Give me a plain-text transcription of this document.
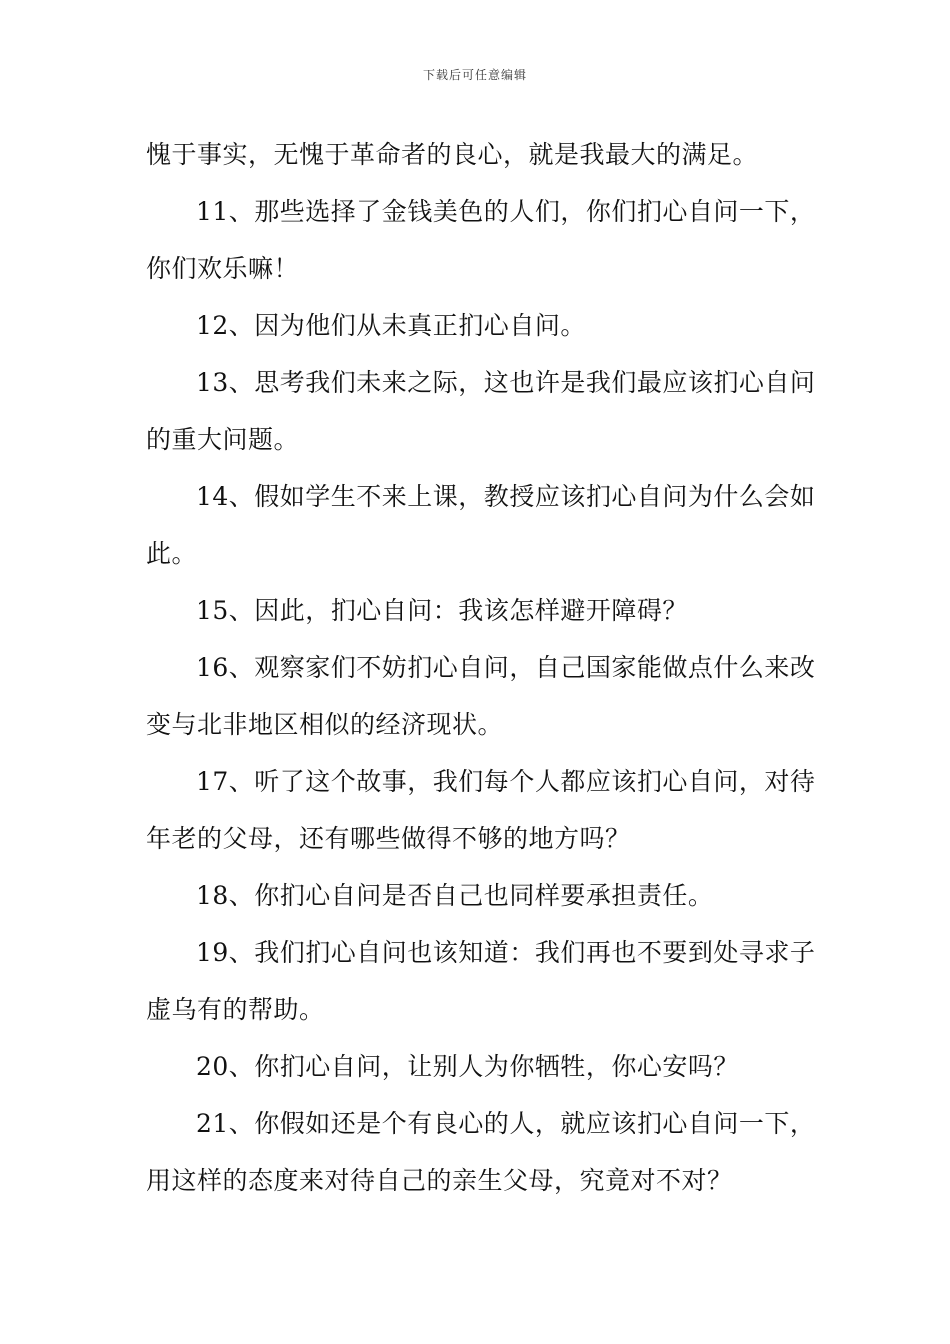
下载后可任意编辑

愧于事实，无愧于革命者的良心，就是我最大的满足。

11、那些选择了金钱美色的人们，你们扪心自问一下，你们欢乐嘛！

12、因为他们从未真正扪心自问。

13、思考我们未来之际，这也许是我们最应该扪心自问的重大问题。

14、假如学生不来上课，教授应该扪心自问为什么会如此。

15、因此，扪心自问：我该怎样避开障碍？

16、观察家们不妨扪心自问，自己国家能做点什么来改变与北非地区相似的经济现状。

17、听了这个故事，我们每个人都应该扪心自问，对待年老的父母，还有哪些做得不够的地方吗？

18、你扪心自问是否自己也同样要承担责任。

19、我们扪心自问也该知道：我们再也不要到处寻求子虚乌有的帮助。

20、你扪心自问，让别人为你牺牲，你心安吗？

21、你假如还是个有良心的人，就应该扪心自问一下，用这样的态度来对待自己的亲生父母，究竟对不对？
